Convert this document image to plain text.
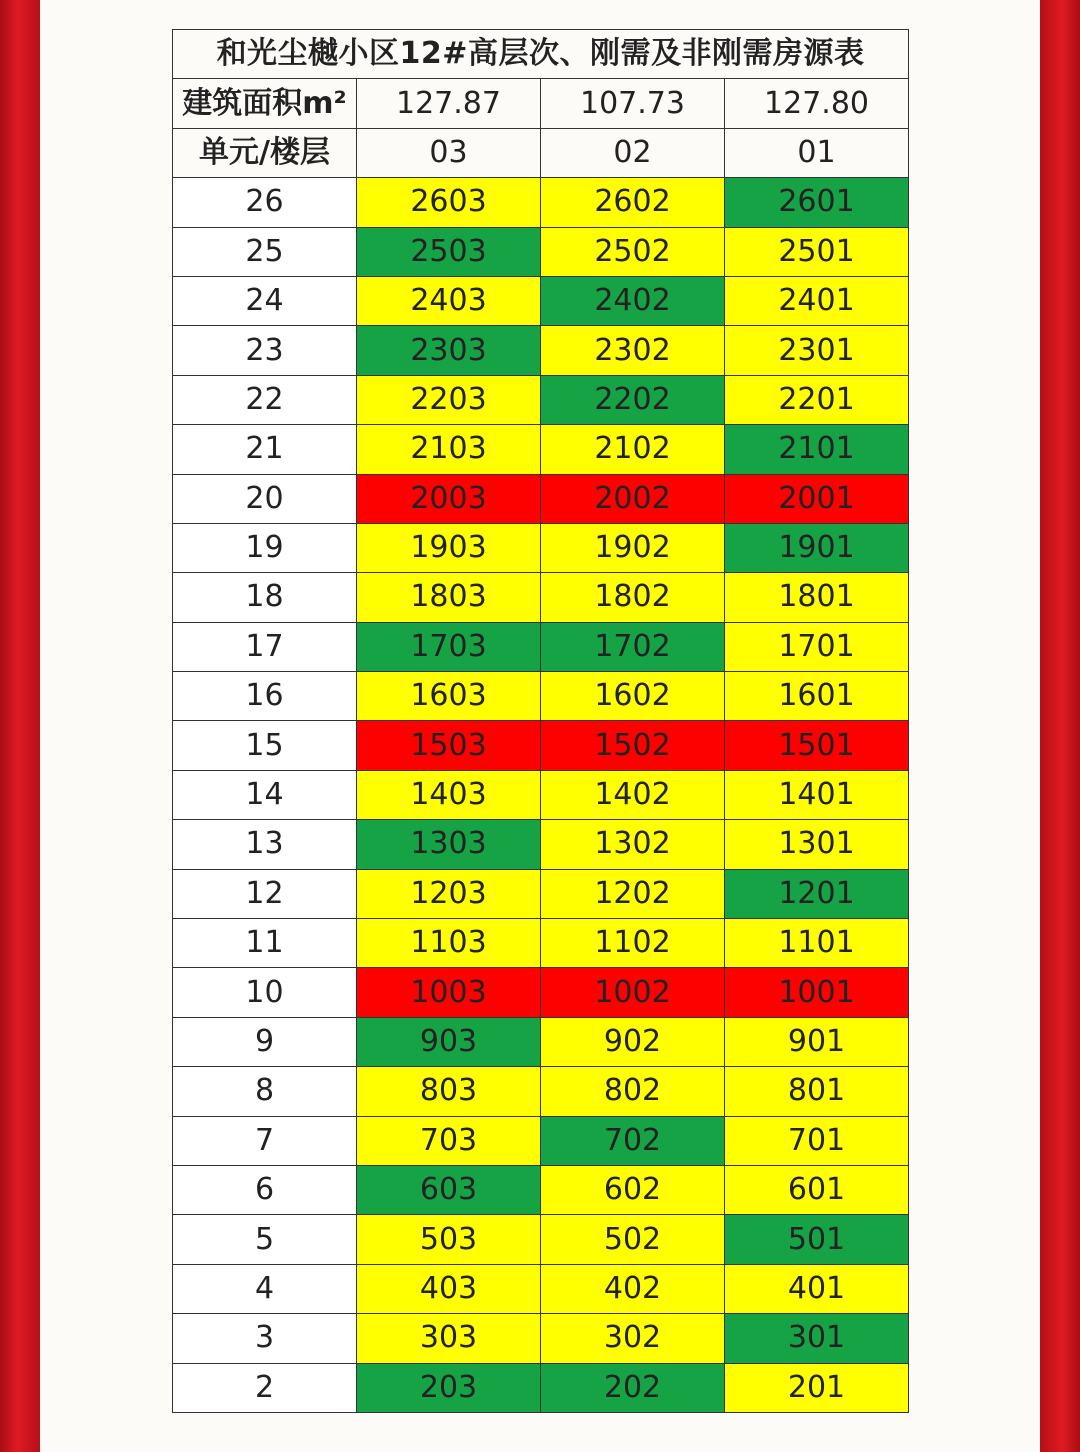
和光尘樾小区12#高层次、刚需及非刚需房源表			
建筑面积m²	127.87	107.73	127.80
单元/楼层	03	02	01
26	2603	2602	2601
25	2503	2502	2501
24	2403	2402	2401
23	2303	2302	2301
22	2203	2202	2201
21	2103	2102	2101
20	2003	2002	2001
19	1903	1902	1901
18	1803	1802	1801
17	1703	1702	1701
16	1603	1602	1601
15	1503	1502	1501
14	1403	1402	1401
13	1303	1302	1301
12	1203	1202	1201
11	1103	1102	1101
10	1003	1002	1001
9	903	902	901
8	803	802	801
7	703	702	701
6	603	602	601
5	503	502	501
4	403	402	401
3	303	302	301
2	203	202	201
